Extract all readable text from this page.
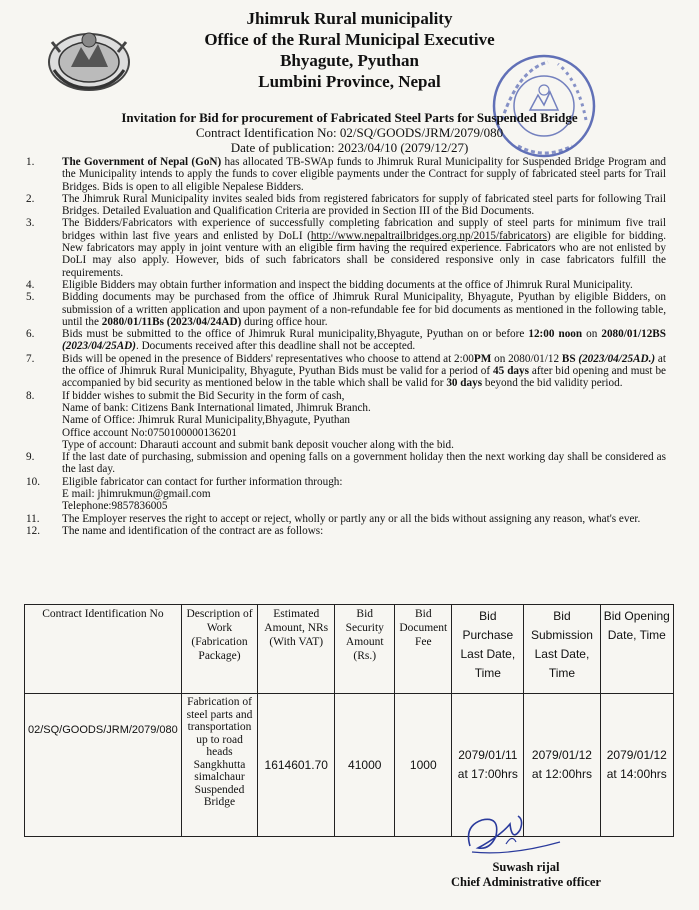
Jhimruk Rural municipality
Office of the Rural Municipal Executive
Bhyagute, Pyuthan
Lumbini Province, Nepal
Invitation for Bid for procurement of Fabricated Steel Parts for Suspended Bridge
Contract Identification No: 02/SQ/GOODS/JRM/2079/080
Date of publication: 2023/04/10 (2079/12/27)
1.	The Government of Nepal (GoN) has allocated TB-SWAp funds to Jhimruk Rural Municipality for Suspended Bridge Program and the Municipality intends to apply the funds to cover eligible payments under the Contract for supply of fabricated steel parts for Trail Bridges. Bids is open to all eligible Nepalese Bidders.
2.	The Jhimruk Rural Municipality invites sealed bids from registered fabricators for supply of fabricated steel parts for following Trail Bridges. Detailed Evaluation and Qualification Criteria are provided in Section III of the Bid Documents.
3.	The Bidders/Fabricators with experience of successfully completing fabrication and supply of steel parts for minimum five trail bridges within last five years and enlisted by DoLI (http://www.nepaltrailbridges.org.np/2015/fabricators) are eligible for bidding. New fabricators may apply in joint venture with an eligible firm having the required experience. Fabricators who are not enlisted by DoLI may also apply. However, bids of such fabricators shall be considered responsive only in case fabricators fulfill the requirements.
4.	Eligible Bidders may obtain further information and inspect the bidding documents at the office of Jhimruk Rural Municipality.
5.	Bidding documents may be purchased from the office of Jhimruk Rural Municipality, Bhyagute, Pyuthan by eligible Bidders, on submission of a written application and upon payment of a non-refundable fee for bid documents as mentioned in the following table, until the 2080/01/11Bs (2023/04/24AD) during office hour.
6.	Bids must be submitted to the office of Jhimruk Rural municipality,Bhyagute, Pyuthan on or before 12:00 noon on 2080/01/12BS (2023/04/25AD). Documents received after this deadline shall not be accepted.
7.	Bids will be opened in the presence of Bidders' representatives who choose to attend at 2:00PM on 2080/01/12 BS (2023/04/25AD.) at the office of Jhimruk Rural Municipality, Bhyagute, Pyuthan Bids must be valid for a period of 45 days after bid opening and must be accompanied by bid security as mentioned below in the table which shall be valid for 30 days beyond the bid validity period.
8.	If bidder wishes to submit the Bid Security in the form of cash,
Name of bank: Citizens Bank International limated, Jhimruk Branch.
Name of Office: Jhimruk Rural Municipality,Bhyagute, Pyuthan
Office account No:0750100000136201
Type of account: Dharauti account and submit bank deposit voucher along with the bid.
9.	If the last date of purchasing, submission and opening falls on a government holiday then the next working day shall be considered as the last day.
10.	Eligible fabricator can contact for further information through:
E mail: jhimrukmun@gmail.com
Telephone:9857836005
11.	The Employer reserves the right to accept or reject, wholly or partly any or all the bids without assigning any reason, what's ever.
12.	The name and identification of the contract are as follows:
Contract Identification No	Description of Work (Fabrication Package)	Estimated Amount, NRs (With VAT)	Bid Security Amount (Rs.)	Bid Document Fee	Bid Purchase Last Date, Time	Bid Submission Last Date, Time	Bid Opening Date, Time
02/SQ/GOODS/JRM/2079/080	Fabrication of steel parts and transportation up to road heads Sangkhutta simalchaur Suspended Bridge	1614601.70	41000	1000	2079/01/11 at 17:00hrs	2079/01/12 at 12:00hrs	2079/01/12 at 14:00hrs
Suwash rijal
Chief Administrative officer
